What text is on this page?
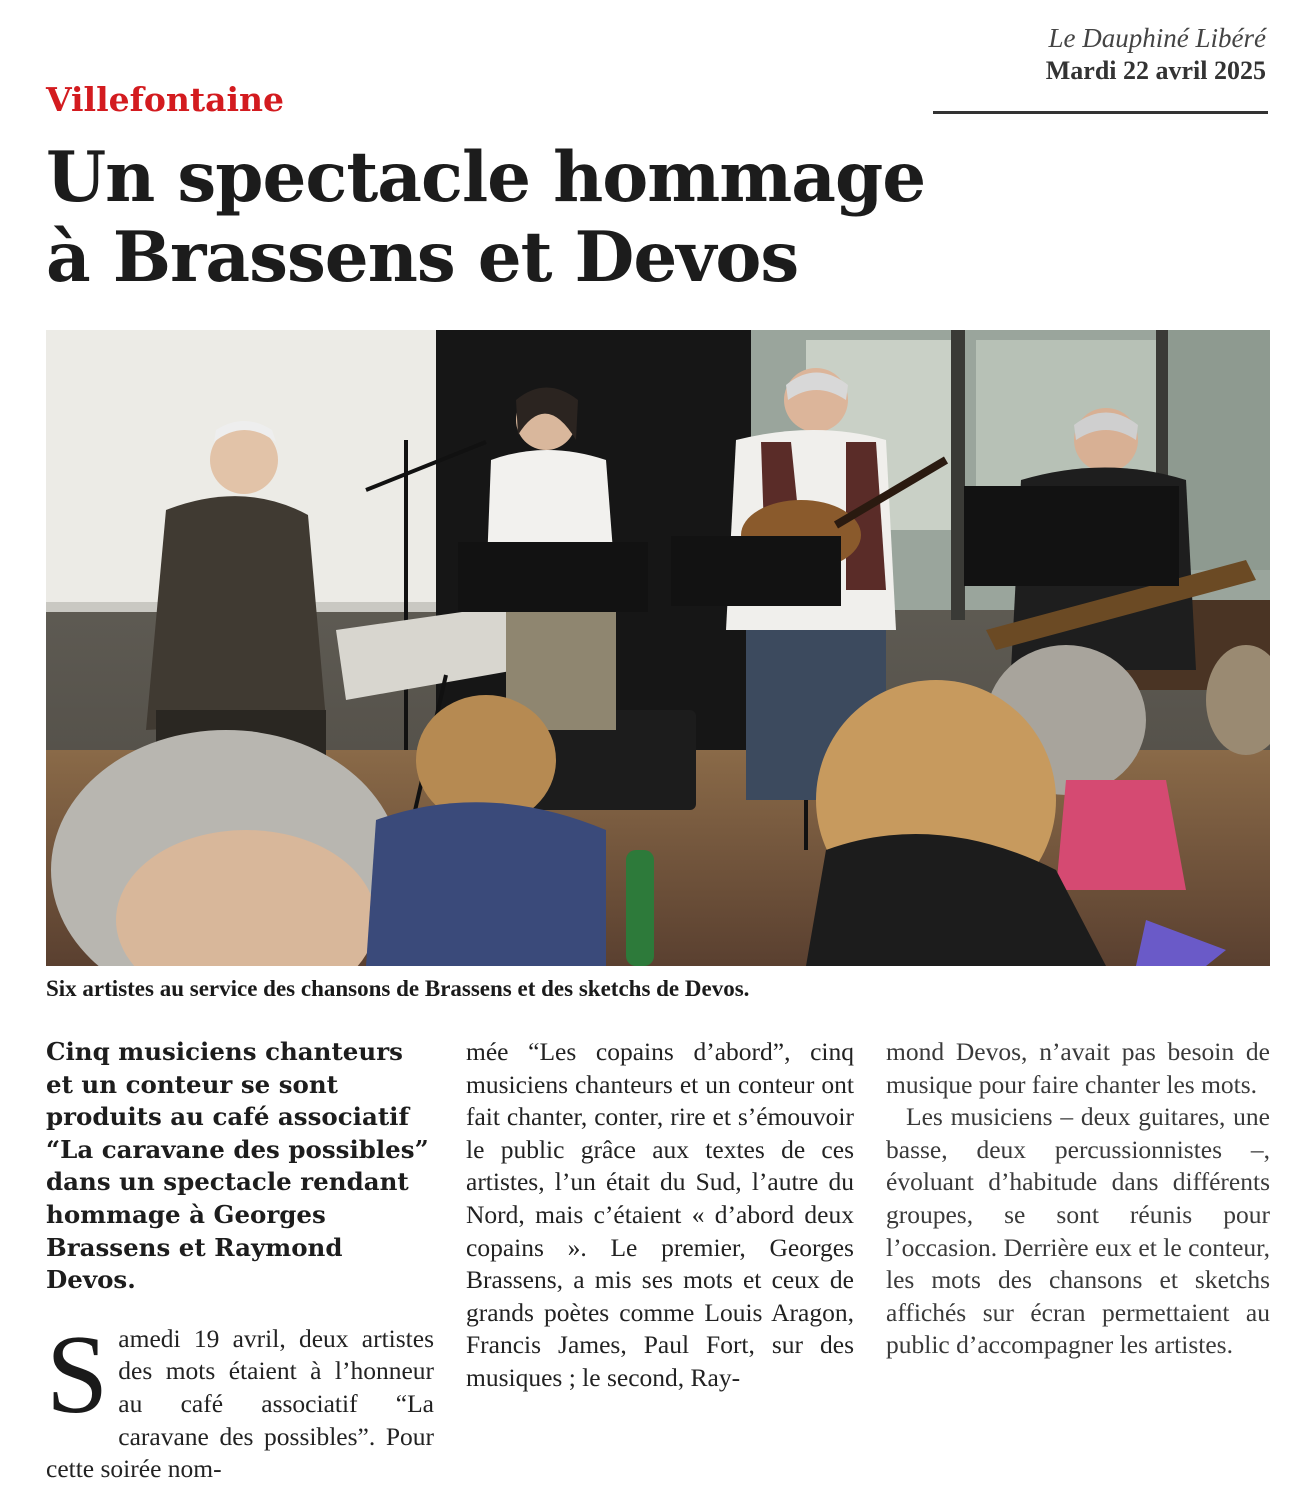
Le Dauphiné Libéré
Mardi 22 avril 2025
Villefontaine
Un spectacle hommage à Brassens et Devos
Six artistes au service des chansons de Brassens et des sketchs de Devos.

Cinq musiciens chanteurs et un conteur se sont produits au café associatif “La caravane des possibles” dans un spectacle rendant hommage à Georges Brassens et Raymond Devos.

S amedi 19 avril, deux artistes des mots étaient à l’honneur au café associatif “La caravane des possibles”. Pour cette soirée nom-

mée “Les copains d’abord”, cinq musiciens chanteurs et un conteur ont fait chanter, conter, rire et s’émouvoir le public grâce aux textes de ces artistes, l’un était du Sud, l’autre du Nord, mais c’étaient « d’abord deux copains ». Le premier, Georges Brassens, a mis ses mots et ceux de grands poètes comme Louis Aragon, Francis James, Paul Fort, sur des musiques ; le second, Ray-

mond Devos, n’avait pas besoin de musique pour faire chanter les mots.

Les musiciens – deux guitares, une basse, deux percussionnistes –, évoluant d’habitude dans différents groupes, se sont réunis pour l’occasion. Derrière eux et le conteur, les mots des chansons et sketchs affichés sur écran permettaient au public d’accompagner les artistes.
